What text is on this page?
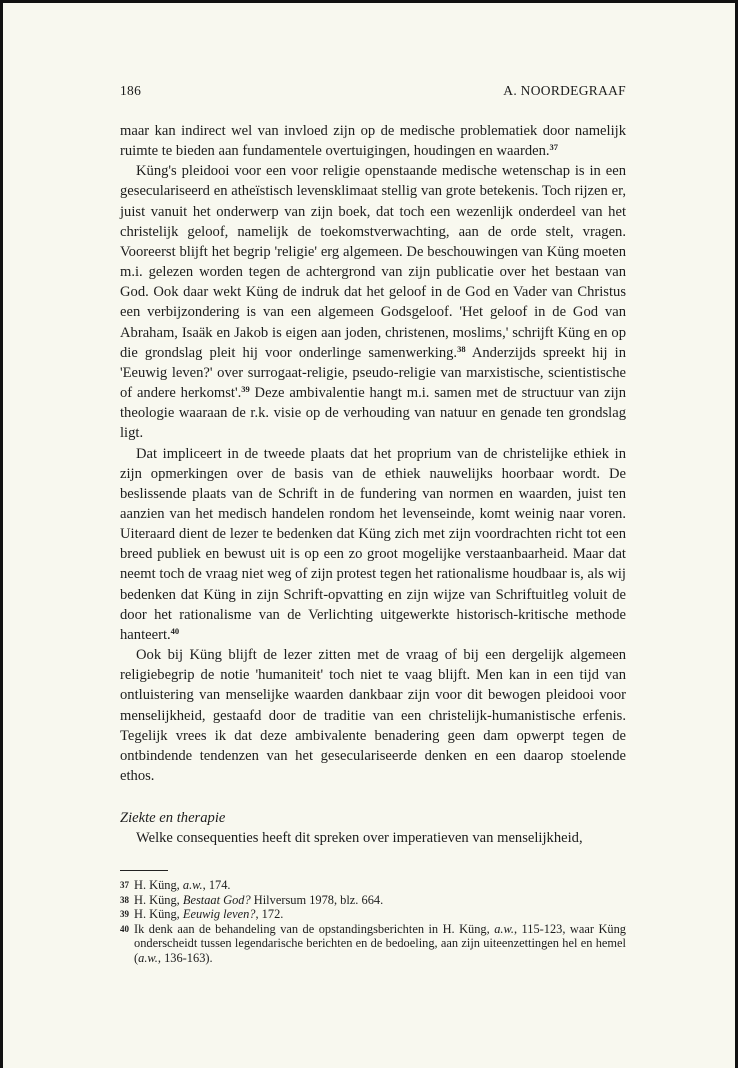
186	A. NOORDEGRAAF

maar kan indirect wel van invloed zijn op de medische problematiek door namelijk ruimte te bieden aan fundamentele overtuigingen, houdingen en waarden.$^{37}$

Küng's pleidooi voor een voor religie openstaande medische wetenschap is in een geseculariseerd en atheïstisch levensklimaat stellig van grote betekenis. Toch rijzen er, juist vanuit het onderwerp van zijn boek, dat toch een wezenlijk onderdeel van het christelijk geloof, namelijk de toekomstverwachting, aan de orde stelt, vragen. Vooreerst blijft het begrip 'religie' erg algemeen. De beschouwingen van Küng moeten m.i. gelezen worden tegen de achtergrond van zijn publicatie over het bestaan van God. Ook daar wekt Küng de indruk dat het geloof in de God en Vader van Christus een verbijzondering is van een algemeen Godsgeloof. 'Het geloof in de God van Abraham, Isaäk en Jakob is eigen aan joden, christenen, moslims,' schrijft Küng en op die grondslag pleit hij voor onderlinge samenwerking.$^{38}$ Anderzijds spreekt hij in 'Eeuwig leven?' over surrogaat-religie, pseudo-religie van marxistische, scientistische of andere herkomst'.$^{39}$ Deze ambivalentie hangt m.i. samen met de structuur van zijn theologie waaraan de r.k. visie op de verhouding van natuur en genade ten grondslag ligt.

Dat impliceert in de tweede plaats dat het proprium van de christelijke ethiek in zijn opmerkingen over de basis van de ethiek nauwelijks hoorbaar wordt. De beslissende plaats van de Schrift in de fundering van normen en waarden, juist ten aanzien van het medisch handelen rondom het levenseinde, komt weinig naar voren. Uiteraard dient de lezer te bedenken dat Küng zich met zijn voordrachten richt tot een breed publiek en bewust uit is op een zo groot mogelijke verstaanbaarheid. Maar dat neemt toch de vraag niet weg of zijn protest tegen het rationalisme houdbaar is, als wij bedenken dat Küng in zijn Schrift-opvatting en zijn wijze van Schriftuitleg voluit de door het rationalisme van de Verlichting uitgewerkte historisch-kritische methode hanteert.$^{40}$

Ook bij Küng blijft de lezer zitten met de vraag of bij een dergelijk algemeen religiebegrip de notie 'humaniteit' toch niet te vaag blijft. Men kan in een tijd van ontluistering van menselijke waarden dankbaar zijn voor dit bewogen pleidooi voor menselijkheid, gestaafd door de traditie van een christelijk-humanistische erfenis. Tegelijk vrees ik dat deze ambivalente benadering geen dam opwerpt tegen de ontbindende tendenzen van het geseculariseerde denken en een daarop stoelende ethos.

Ziekte en therapie
Welke consequenties heeft dit spreken over imperatieven van menselijkheid,
37 H. Küng, a.w., 174.
38 H. Küng, Bestaat God? Hilversum 1978, blz. 664.
39 H. Küng, Eeuwig leven?, 172.
40 Ik denk aan de behandeling van de opstandingsberichten in H. Küng, a.w., 115-123, waar Küng onderscheidt tussen legendarische berichten en de bedoeling, aan zijn uiteenzettingen hel en hemel (a.w., 136-163).
